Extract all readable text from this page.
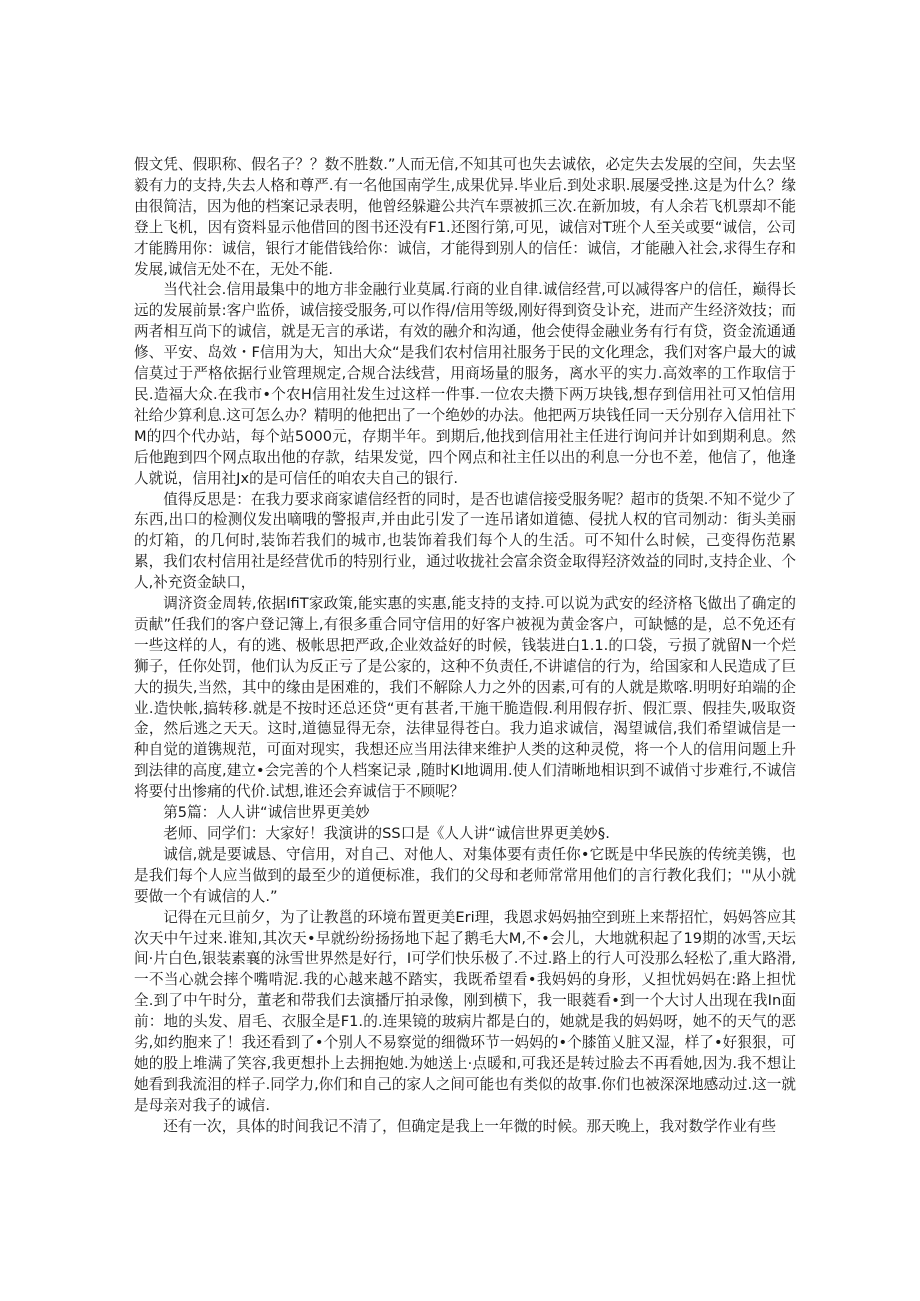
假文凭、假职称、假名子？？数不胜数.”人而无信,不知其可也失去诚依，必定失去发展的空间，失去坚毅有力的支持,失去人格和尊严.有一名他国南学生,成果优异.毕业后.到处求职.展屡受挫.这是为什么？缘由很简洁，因为他的档案记录表明，他曾经躲避公共汽车票被抓三次.在新加坡，有人余若飞机票却不能登上飞机，因有资料显示他借回的图书还没有F1.还图行第,可见，诚信对T班个人至关或要“诚信，公司才能腾用你：诚信，银行才能借钱给你：诚信，才能得到别人的信任：诚信，才能融入社会,求得生存和发展,诚信无处不在，无处不能.

当代社会.信用最集中的地方非金融行业莫属.行商的业自律.诚信经营,可以减得客户的信任，巅得长远的发展前景:客户监侨，诚信接受服务,可以作得/信用等级,刚好得到资殳讣充，进而产生经济效技；而两者相互尚下的诚信，就是无言的承诺，有效的融介和沟通，他会使得金融业务有行有贷，资金流通通修、平安、岛效・F信用为大，知出大众“是我们农村信用社服务于民的文化理念，我们对客户最大的诚信莫过于严格依据行业管理规定,合规合法线营，用商场量的服务，离水平的实力.高效率的工作取信于民.造福大众.在我市•个农H信用社发生过这样一件事.一位农夫攒下两万块钱,想存到信用社可又怕信用社给少算利息.这可怎么办？精明的他把出了一个绝妙的办法。他把两万块钱任同一天分别存入信用社下M的四个代办站，每个站5000元，存期半年。到期后,他找到信用社主任进行询问并计如到期利息。然后他跑到四个网点取出他的存款，结果发觉，四个网点和社主任以出的利息一分也不差，他信了，他逢人就说，信用社Jx的是可信任的咱农夫自己的银行.

值得反思是：在我力要求商家谑信经哲的同时，是否也谑信接受服务呢？超市的货架.不知不觉少了东西,出口的检测仪发出嘀哦的警报声,并由此引发了一连吊诸如道德、侵扰人权的官司刎动：街头美丽的灯箱，的几何时,装饰若我们的城市,也装饰着我们每个人的生活。可不知什么时候，己变得伤范累累，我们农村信用社是经营优币的特别行业，通过收拢社会富余资金取得羟济效益的同时,支持企业、个人,补充资金缺口，

调济资金周转,依据IfiT家政策,能实惠的实惠,能支持的支持.可以说为武安的经济格飞做出了确定的贡献”任我们的客户登记簿上,有很多重合同守信用的好客户被视为黄金客户，可缺憾的是，总不免还有一些这样的人，有的逃、极帐思把严政,企业效益好的时候，钱装进白1.1.的口袋，亏损了就留N一个烂狮子，任你处罚，他们认为反正亏了是公家的，这种不负责任,不讲谑信的行为，给国家和人民造成了巨大的损失,当然，其中的缘由是困难的，我们不解除人力之外的因素,可有的人就是欺喀.明明好珀端的企业.造快帐,搞转移.就是不按时还总还贷“更有甚者,干施干脆造假.利用假存折、假汇票、假挂失,吸取资金，然后逃之天天。这时,道德显得无奈，法律显得苍白。我力追求诚信，渴望诚信,我们希望诚信是一种自觉的道镌规范，可面对现实，我想还应当用法律来维护人类的这种灵傥，将一个人的信用问题上升到法律的高度,建立•会完善的个人档案记录 ,随时KI地调用.使人们清晰地相识到不诚俏寸步难行,不诚信将要付出惨痛的代价.试想,谁还会弃诚信于不顾呢？

第5篇：人人讲“诚信世界更美妙

老师、同学们：大家好！我演讲的SS口是《人人讲“诚信世界更美妙§.

诚信,就是要诚恳、守信用，对自己、对他人、对集体要有责任你•它既是中华民族的传统美镌，也是我们每个人应当做到的最至少的道便标准，我们的父母和老师常常用他们的言行教化我们；'"从小就要做一个有诚信的人.”

记得在元旦前夕，为了让教邕的环境布置更美Eri理，我恩求妈妈抽空到班上来帮招忙，妈妈答应其次天中午过来.谁知,其次天•早就纷纷扬扬地下起了鹅毛大M,不•会儿，大地就积起了19期的冰雪,天坛间·片白色,银装素襄的泳雪世界然是好行，I可学们快乐极了.不过.路上的行人可没那么轻松了,重大路滑,一不当心就会摔个嘴啃泥.我的心越来越不踏实，我既希望看•我妈妈的身形，乂担忧妈妈在:路上担忧全.到了中午时分，董老和带我们去演播厅拍录像，刚到横下，我一眼蕤看•到一个大讨人出现在我In面前：地的头发、眉毛、衣服全是F1.的.连果镜的玻病片都是白的，她就是我的妈妈呀，她不的天气的恶劣,如约胞来了！我还看到了•个别人不易察觉的细微环节一妈妈的•个膝笛乂脏又湿，样了•好狠狠，可她的股上堆满了笑容,我更想扑上去拥抱她.为她送上·点暖和,可我还是转过脸去不再看她,因为.我不想让她看到我流泪的样子.同学力,你们和自己的家人之间可能也有类似的故事.你们也被深深地感动过.这一就是母亲对我子的诚信.

还有一次，具体的时间我记不清了，但确定是我上一年微的时候。那天晚上，我对数学作业有些
